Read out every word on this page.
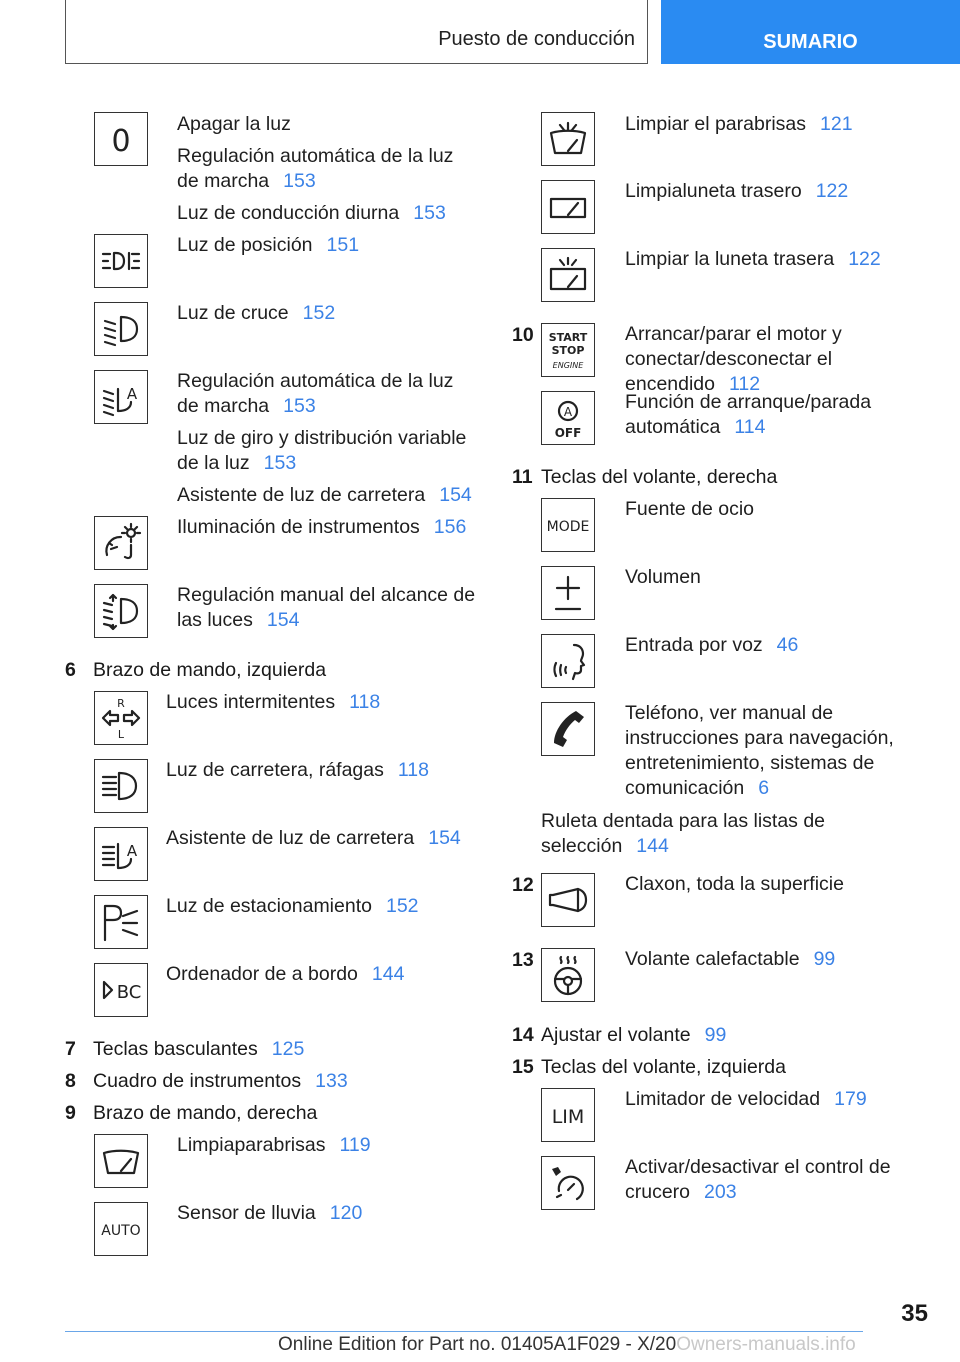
Puesto de conducción	SUMARIO
0 Apagar la luz

Regulación automática de la luz de marcha 153

Luz de conducción diurna 153

Luz de posición 151

Luz de cruce 152

A

Regulación automática de la luz de marcha 153

Luz de giro y distribución variable de la luz 153

Asistente de luz de carretera 154

Iluminación de instrumentos 156

Regulación manual del alcance de las luces 154

6 Brazo de mando, izquierda
R
L

Luces intermitentes 118

Luz de carretera, ráfagas 118

A

Asistente de luz de carretera 154

Luz de estacionamiento 152

BC

Ordenador de a bordo 144

7 Teclas basculantes 125
8 Cuadro de instrumentos 133
9 Brazo de mando, derecha

Limpiaparabrisas 119

AUTO

Sensor de lluvia 120

Limpiar el parabrisas 121

Limpialuneta trasero 122

Limpiar la luneta trasera 122

10 START
STOP
ENGINE

Arrancar/parar el motor y conectar/desconectar el encendido 112

A
OFF

Función de arranque/parada automática 114

11 Teclas del volante, derecha
MODE

Fuente de ocio

Volumen

Entrada por voz 46

Teléfono, ver manual de instrucciones para navegación, entretenimiento, sistemas de comunicación 6

Ruleta dentada para las listas de selección 144

12	Claxon, toda la superficie

13	Volante calefactable 99

14 Ajustar el volante 99
15 Teclas del volante, izquierda
LIM

Limitador de velocidad 179

Activar/desactivar el control de crucero 203

35
Online Edition for Part no. 01405A1F029 - X/20Owners-manuals.info
